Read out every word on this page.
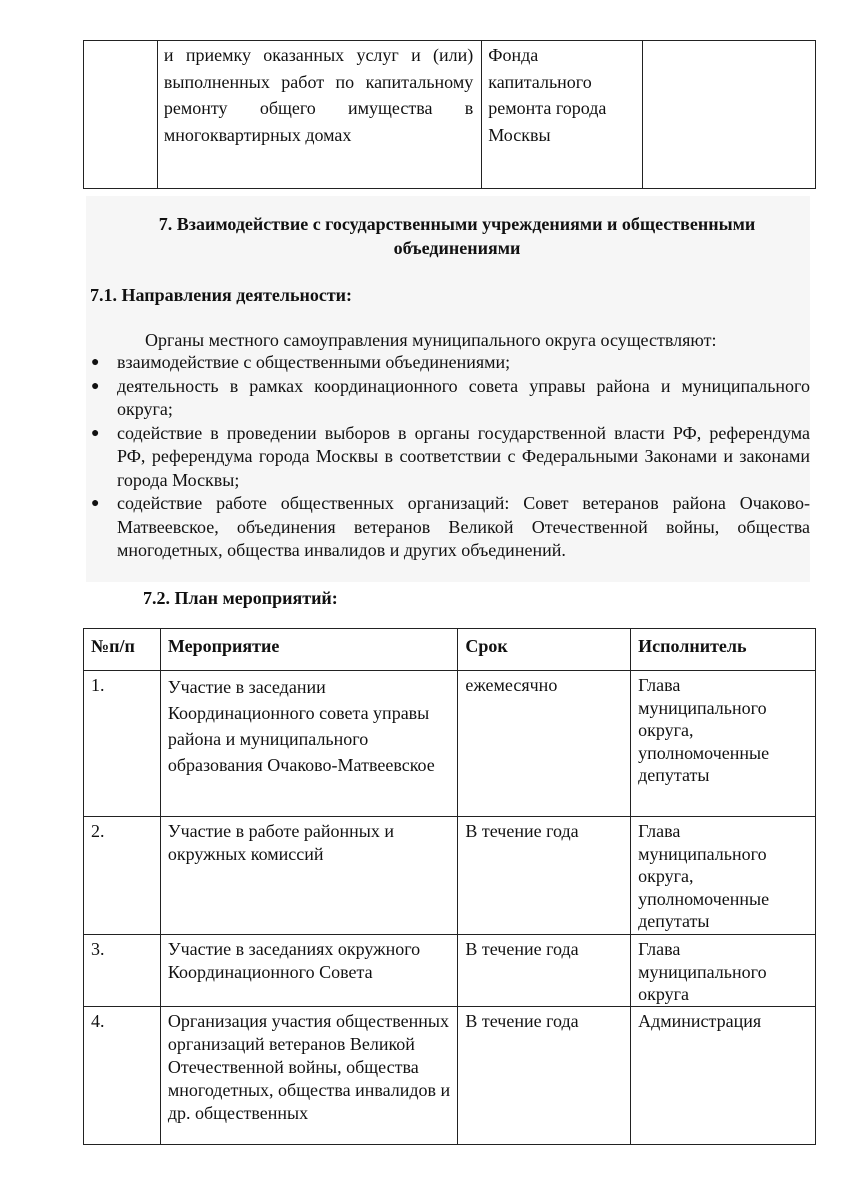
	и приемку оказанных услуг и (или) выполненных работ по капитальному ремонту общего имущества в многоквартирных домах	Фонда капитального ремонта города Москвы	
7. Взаимодействие с государственными учреждениями и общественными объединениями
7.1. Направления деятельности:
Органы местного самоуправления муниципального округа осуществляют:
● взаимодействие с общественными объединениями;
● деятельность в рамках координационного совета управы района и муниципального округа;
● содействие в проведении выборов в органы государственной власти РФ, референдума РФ, референдума города Москвы в соответствии с Федеральными Законами и законами города Москвы;
● содействие работе общественных организаций: Совет ветеранов района Очаково-Матвеевское, объединения ветеранов Великой Отечественной войны, общества многодетных, общества инвалидов и других объединений.
7.2. План мероприятий:
№п/п	Мероприятие	Срок	Исполнитель
1.	Участие в заседании Координационного совета управы района и муниципального образования Очаково-Матвеевское	ежемесячно	Глава муниципального округа, уполномоченные депутаты
2.	Участие в работе районных и окружных комиссий	В течение года	Глава муниципального округа, уполномоченные депутаты
3.	Участие в заседаниях окружного Координационного Совета	В течение года	Глава муниципального округа
4.	Организация участия общественных организаций ветеранов Великой Отечественной войны, общества многодетных, общества инвалидов и др. общественных	В течение года	Администрация
